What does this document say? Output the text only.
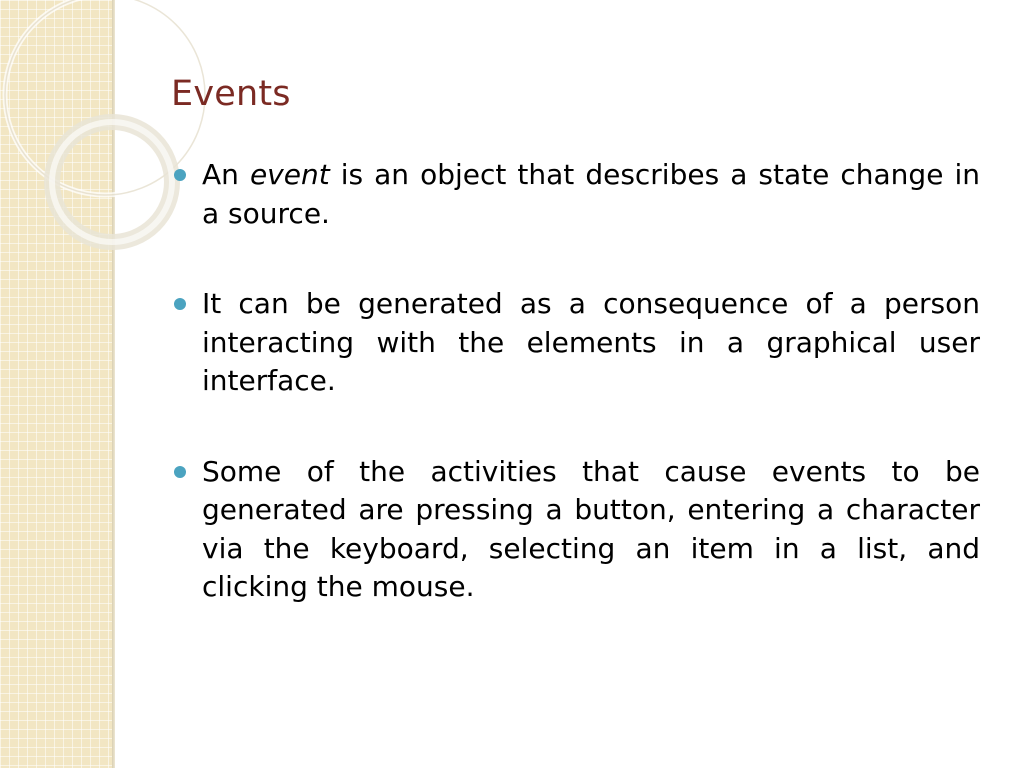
Events
An event is an object that describes a state change in a source.
It can be generated as a consequence of a person interacting with the elements in a graphical user interface.
Some of the activities that cause events to be generated are pressing a button, entering a character via the keyboard, selecting an item in a list, and clicking the mouse.
